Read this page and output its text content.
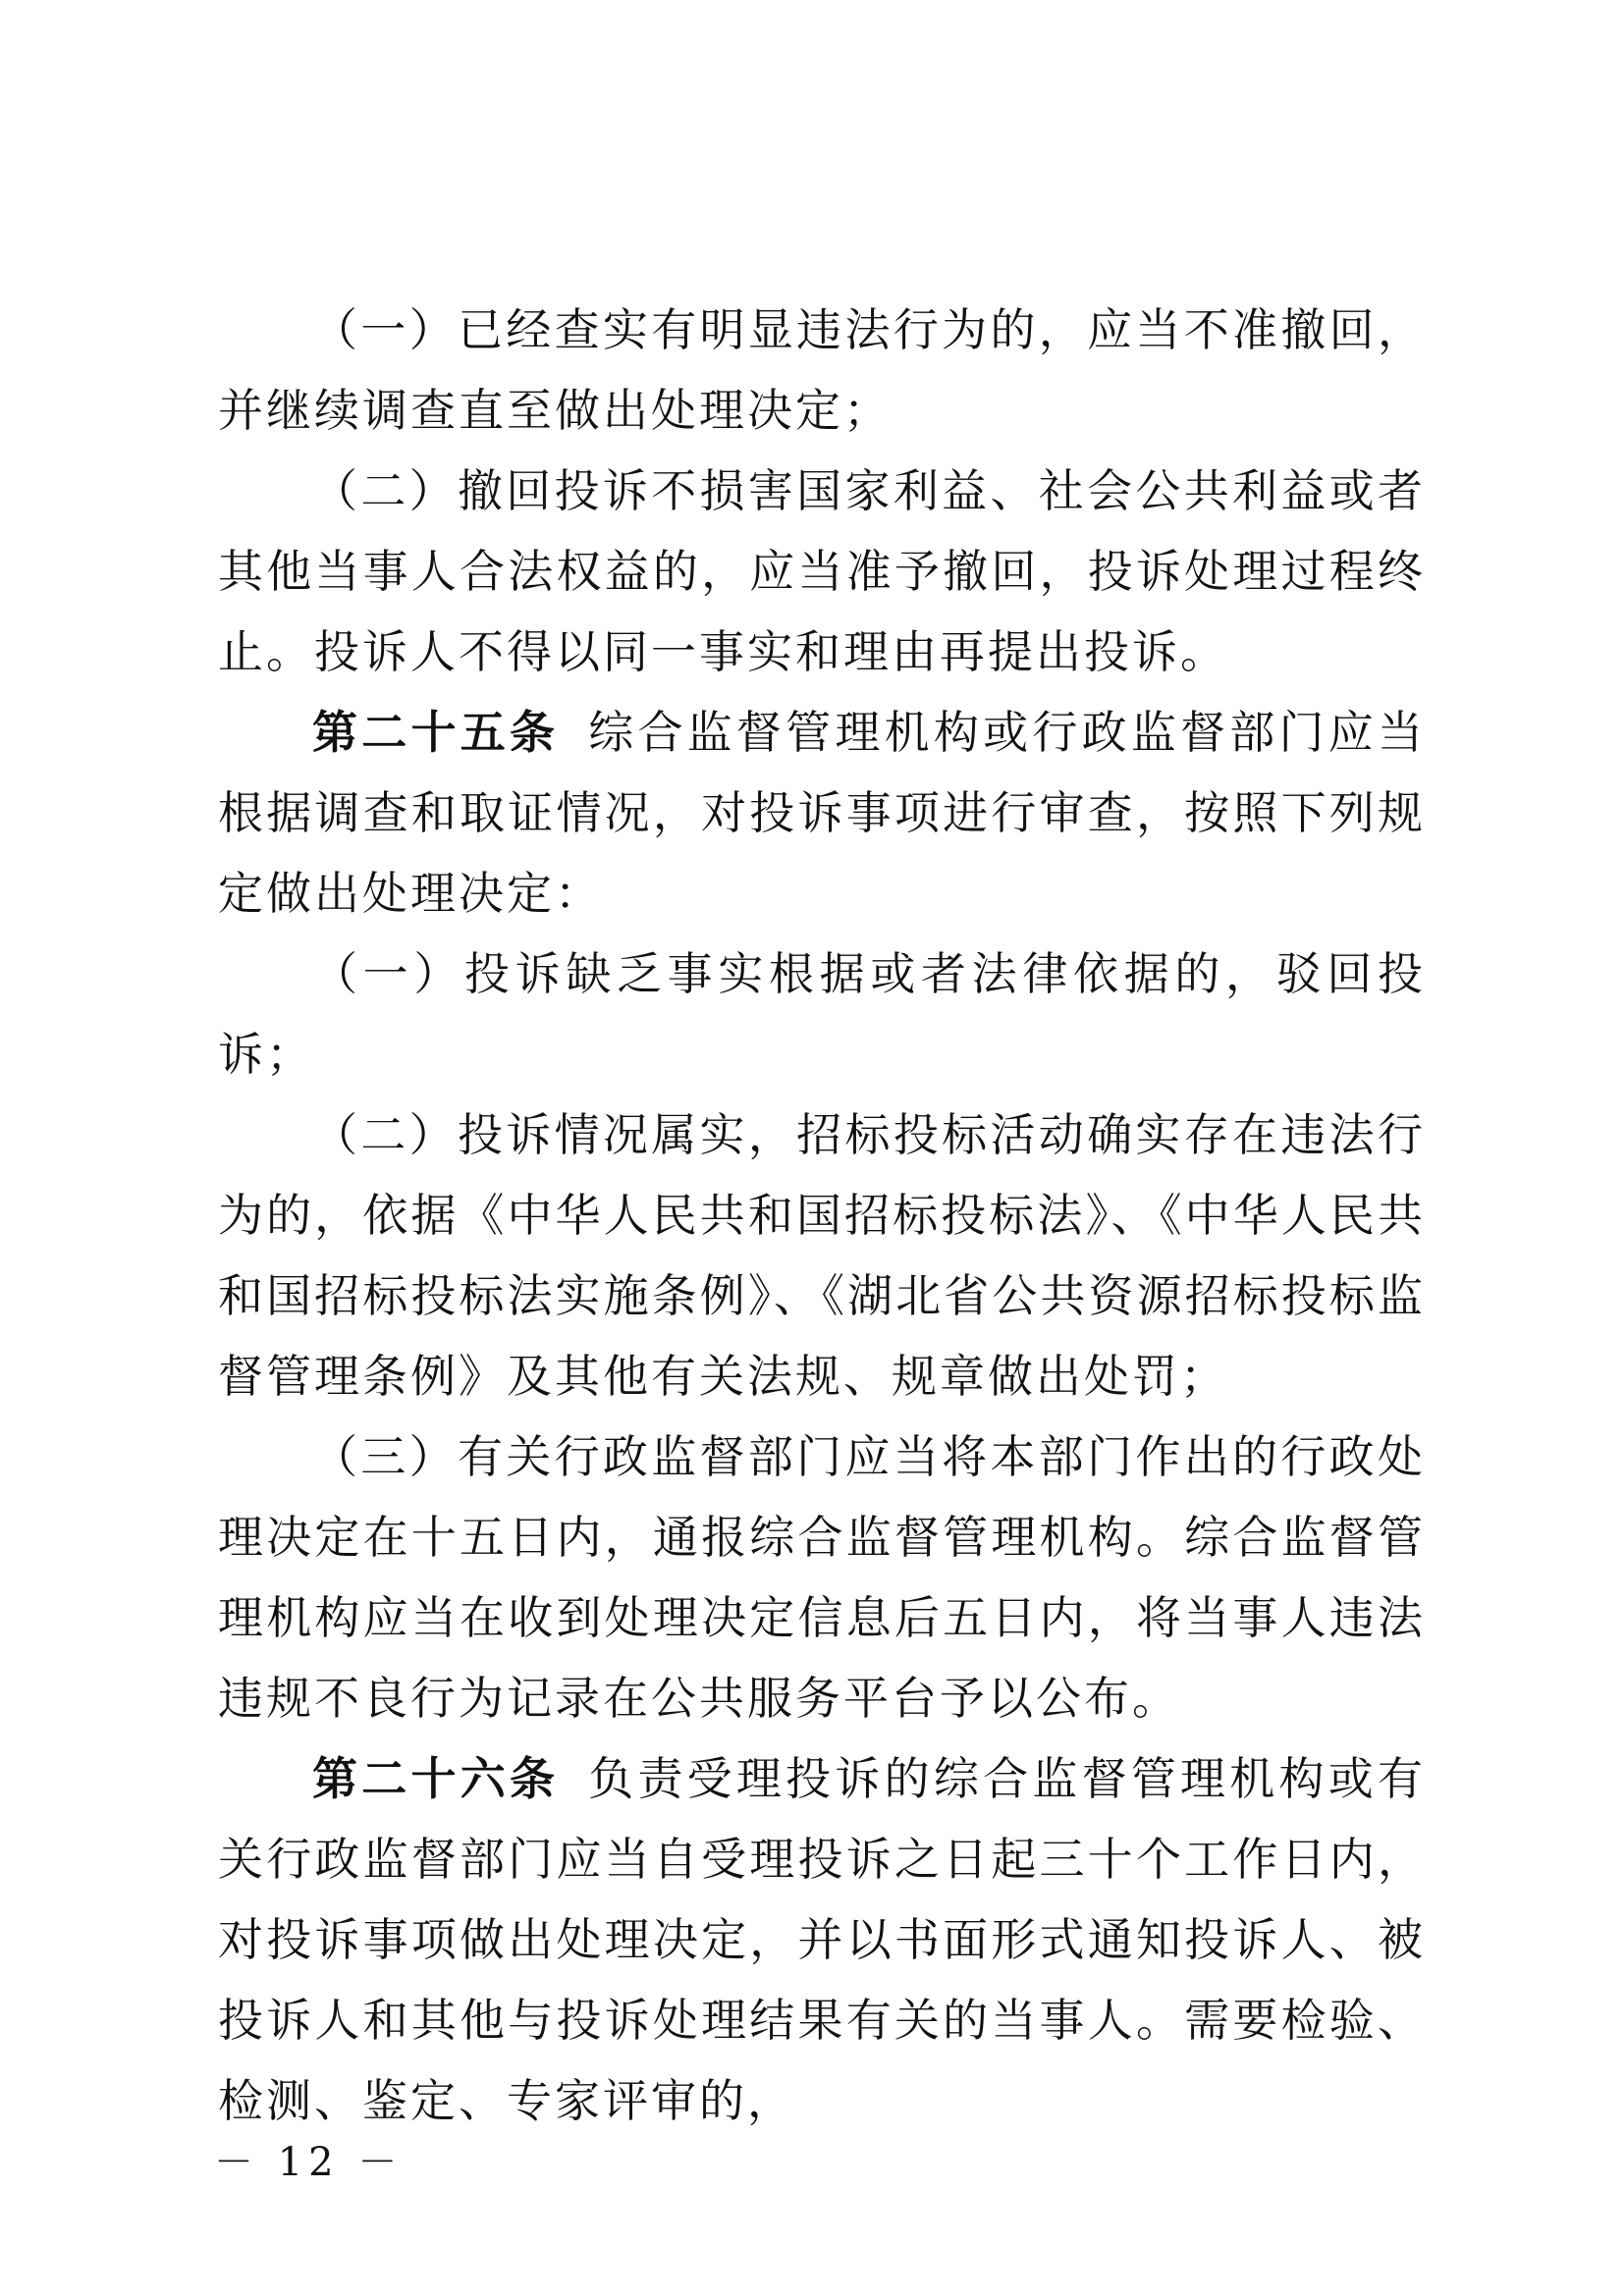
（一）已经查实有明显违法行为的，应当不准撤回，并继续调查直至做出处理决定；

（二）撤回投诉不损害国家利益、社会公共利益或者其他当事人合法权益的，应当准予撤回，投诉处理过程终止。投诉人不得以同一事实和理由再提出投诉。

第二十五条 综合监督管理机构或行政监督部门应当根据调查和取证情况，对投诉事项进行审查，按照下列规定做出处理决定：

（一）投诉缺乏事实根据或者法律依据的，驳回投诉；

（二）投诉情况属实，招标投标活动确实存在违法行为的，依据《中华人民共和国招标投标法》、《中华人民共和国招标投标法实施条例》、《湖北省公共资源招标投标监督管理条例》及其他有关法规、规章做出处罚；

（三）有关行政监督部门应当将本部门作出的行政处理决定在十五日内，通报综合监督管理机构。综合监督管理机构应当在收到处理决定信息后五日内，将当事人违法违规不良行为记录在公共服务平台予以公布。

第二十六条 负责受理投诉的综合监督管理机构或有关行政监督部门应当自受理投诉之日起三十个工作日内，对投诉事项做出处理决定，并以书面形式通知投诉人、被投诉人和其他与投诉处理结果有关的当事人。需要检验、检测、鉴定、专家评审的，

－ 12 －
